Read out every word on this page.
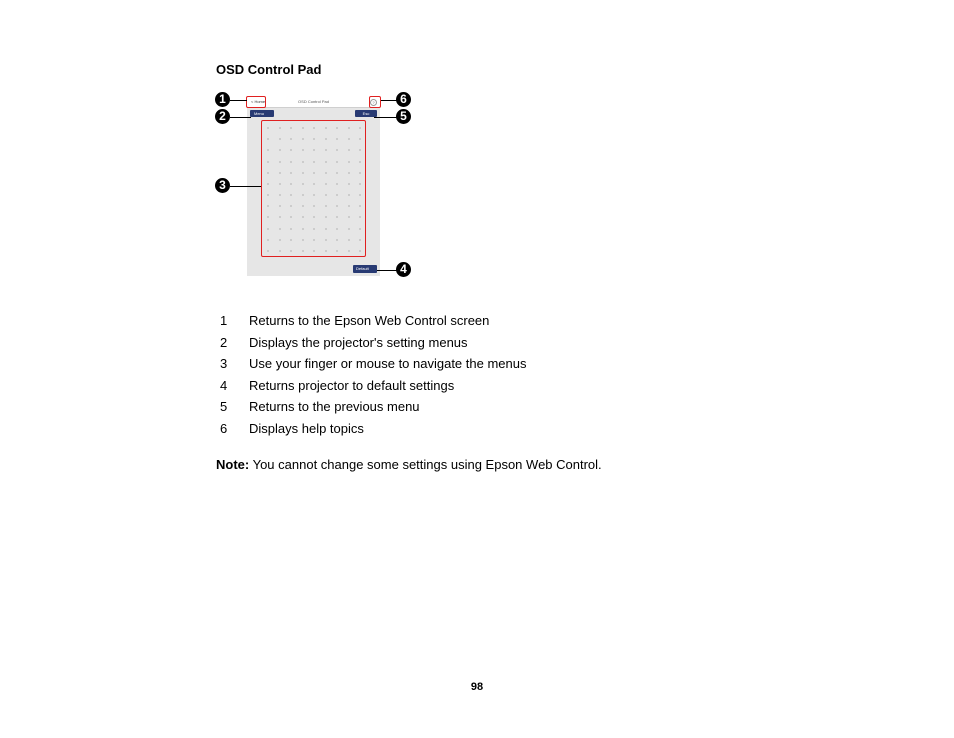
OSD Control Pad
< Home	OSD Control Pad	?
Menu	Esc
Default
1
2
3
4
5
6
1 Returns to the Epson Web Control screen
2 Displays the projector's setting menus
3 Use your finger or mouse to navigate the menus
4 Returns projector to default settings
5 Returns to the previous menu
6 Displays help topics
Note: You cannot change some settings using Epson Web Control.
98
